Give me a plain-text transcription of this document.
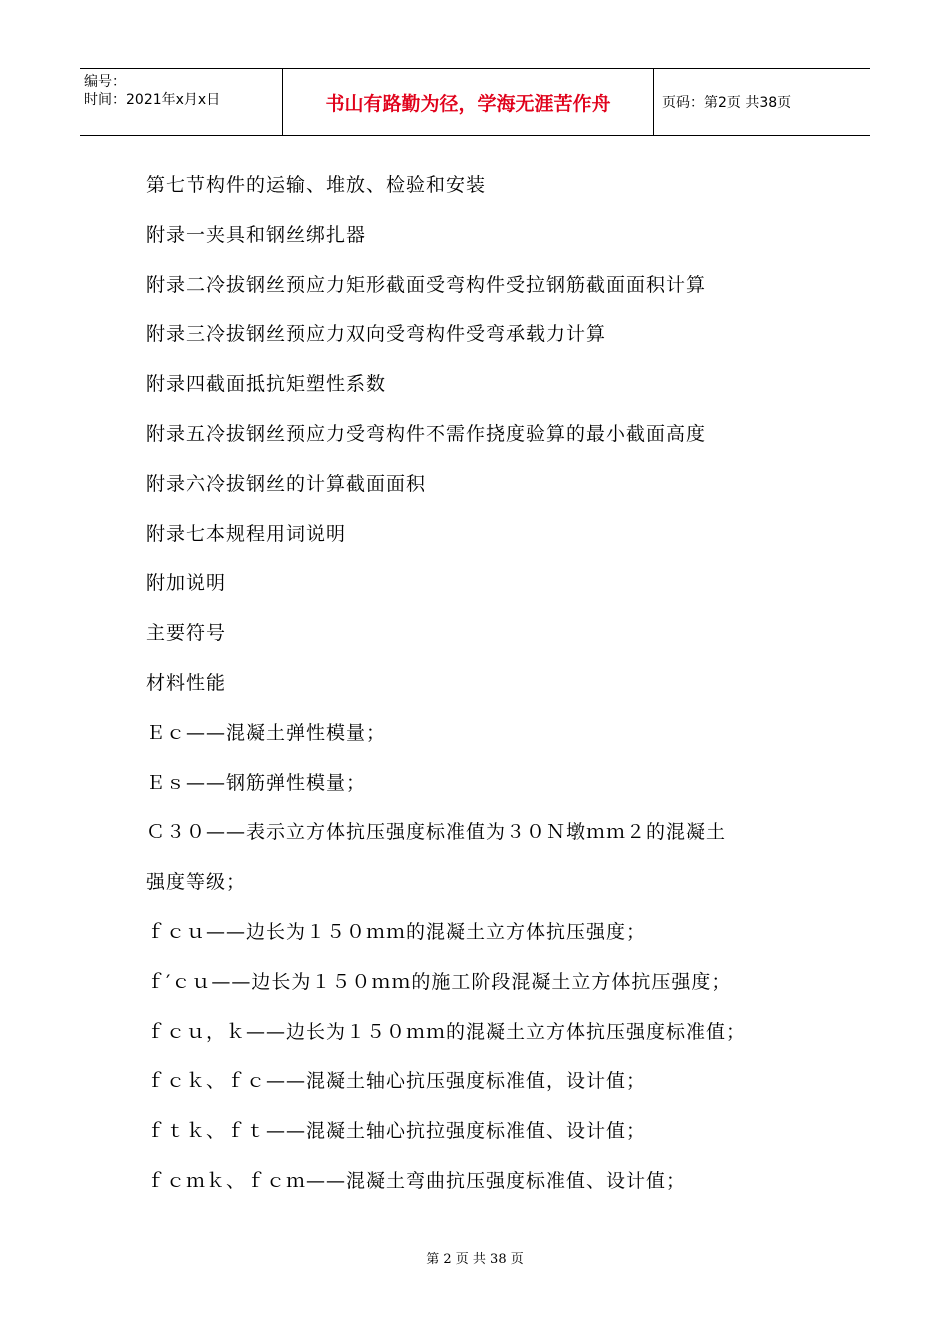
编号：
时间：2021年x月x日	书山有路勤为径，学海无涯苦作舟	页码：第2页 共38页
第七节构件的运输、堆放、检验和安装
附录一夹具和钢丝绑扎器
附录二冷拔钢丝预应力矩形截面受弯构件受拉钢筋截面面积计算
附录三冷拔钢丝预应力双向受弯构件受弯承载力计算
附录四截面抵抗矩塑性系数
附录五冷拔钢丝预应力受弯构件不需作挠度验算的最小截面高度
附录六冷拔钢丝的计算截面面积
附录七本规程用词说明
附加说明
主要符号
材料性能
Ｅｃ——混凝土弹性模量；
Ｅｓ——钢筋弹性模量；
Ｃ３０——表示立方体抗压强度标准值为３０Ｎ墩ｍｍ２的混凝土
强度等级；
ｆｃｕ——边长为１５０ｍｍ的混凝土立方体抗压强度；
ｆ′ｃｕ——边长为１５０ｍｍ的施工阶段混凝土立方体抗压强度；
ｆｃｕ，ｋ——边长为１５０ｍｍ的混凝土立方体抗压强度标准值；
ｆｃｋ、ｆｃ——混凝土轴心抗压强度标准值，设计值；
ｆｔｋ、ｆｔ——混凝土轴心抗拉强度标准值、设计值；
ｆｃｍｋ、ｆｃｍ——混凝土弯曲抗压强度标准值、设计值；
第 2 页 共 38 页
